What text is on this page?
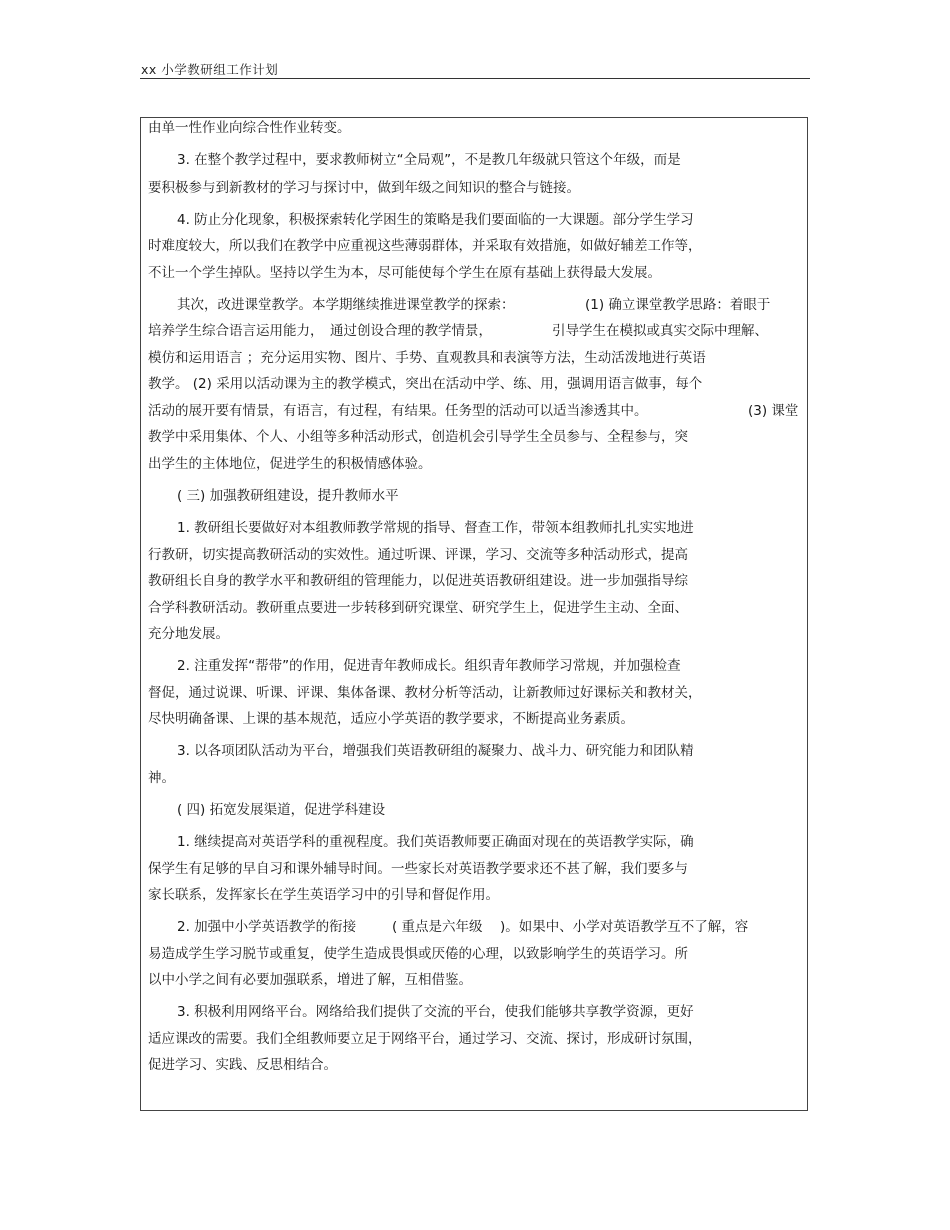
xx 小学教研组工作计划
由单一性作业向综合性作业转变。
3. 在整个教学过程中，要求教师树立“全局观”，不是教几年级就只管这个年级，而是
要积极参与到新教材的学习与探讨中，做到年级之间知识的整合与链接。
4. 防止分化现象，积极探索转化学困生的策略是我们要面临的一大课题。部分学生学习
时难度较大，所以我们在教学中应重视这些薄弱群体，并采取有效措施，如做好辅差工作等，
不让一个学生掉队。坚持以学生为本，尽可能使每个学生在原有基础上获得最大发展。
其次，改进课堂教学。本学期继续推进课堂教学的探索：	(1) 确立课堂教学思路：着眼于
培养学生综合语言运用能力， 通过创设合理的教学情景，	引导学生在模拟或真实交际中理解、
模仿和运用语言 ；充分运用实物、图片、手势、直观教具和表演等方法，生动活泼地进行英语
教学。 (2) 采用以活动课为主的教学模式，突出在活动中学、练、用，强调用语言做事，每个
活动的展开要有情景，有语言，有过程，有结果。任务型的活动可以适当渗透其中。	(3) 课堂
教学中采用集体、个人、小组等多种活动形式，创造机会引导学生全员参与、全程参与，突
出学生的主体地位，促进学生的积极情感体验。
( 三) 加强教研组建设，提升教师水平
1. 教研组长要做好对本组教师教学常规的指导、督查工作，带领本组教师扎扎实实地进
行教研，切实提高教研活动的实效性。通过听课、评课，学习、交流等多种活动形式，提高
教研组长自身的教学水平和教研组的管理能力，以促进英语教研组建设。进一步加强指导综
合学科教研活动。教研重点要进一步转移到研究课堂、研究学生上，促进学生主动、全面、
充分地发展。
2. 注重发挥“帮带”的作用，促进青年教师成长。组织青年教师学习常规，并加强检查
督促，通过说课、听课、评课、集体备课、教材分析等活动，让新教师过好课标关和教材关，
尽快明确备课、上课的基本规范，适应小学英语的教学要求，不断提高业务素质。
3. 以各项团队活动为平台，增强我们英语教研组的凝聚力、战斗力、研究能力和团队精
神。
( 四) 拓宽发展渠道，促进学科建设
1. 继续提高对英语学科的重视程度。我们英语教师要正确面对现在的英语教学实际，确
保学生有足够的早自习和课外辅导时间。一些家长对英语教学要求还不甚了解，我们要多与
家长联系，发挥家长在学生英语学习中的引导和督促作用。
2. 加强中小学英语教学的衔接	( 重点是六年级 )。如果中、小学对英语教学互不了解，容
易造成学生学习脱节或重复，使学生造成畏惧或厌倦的心理，以致影响学生的英语学习。所
以中小学之间有必要加强联系，增进了解，互相借鉴。
3. 积极利用网络平台。网络给我们提供了交流的平台，使我们能够共享教学资源，更好
适应课改的需要。我们全组教师要立足于网络平台，通过学习、交流、探讨，形成研讨氛围，
促进学习、实践、反思相结合。
